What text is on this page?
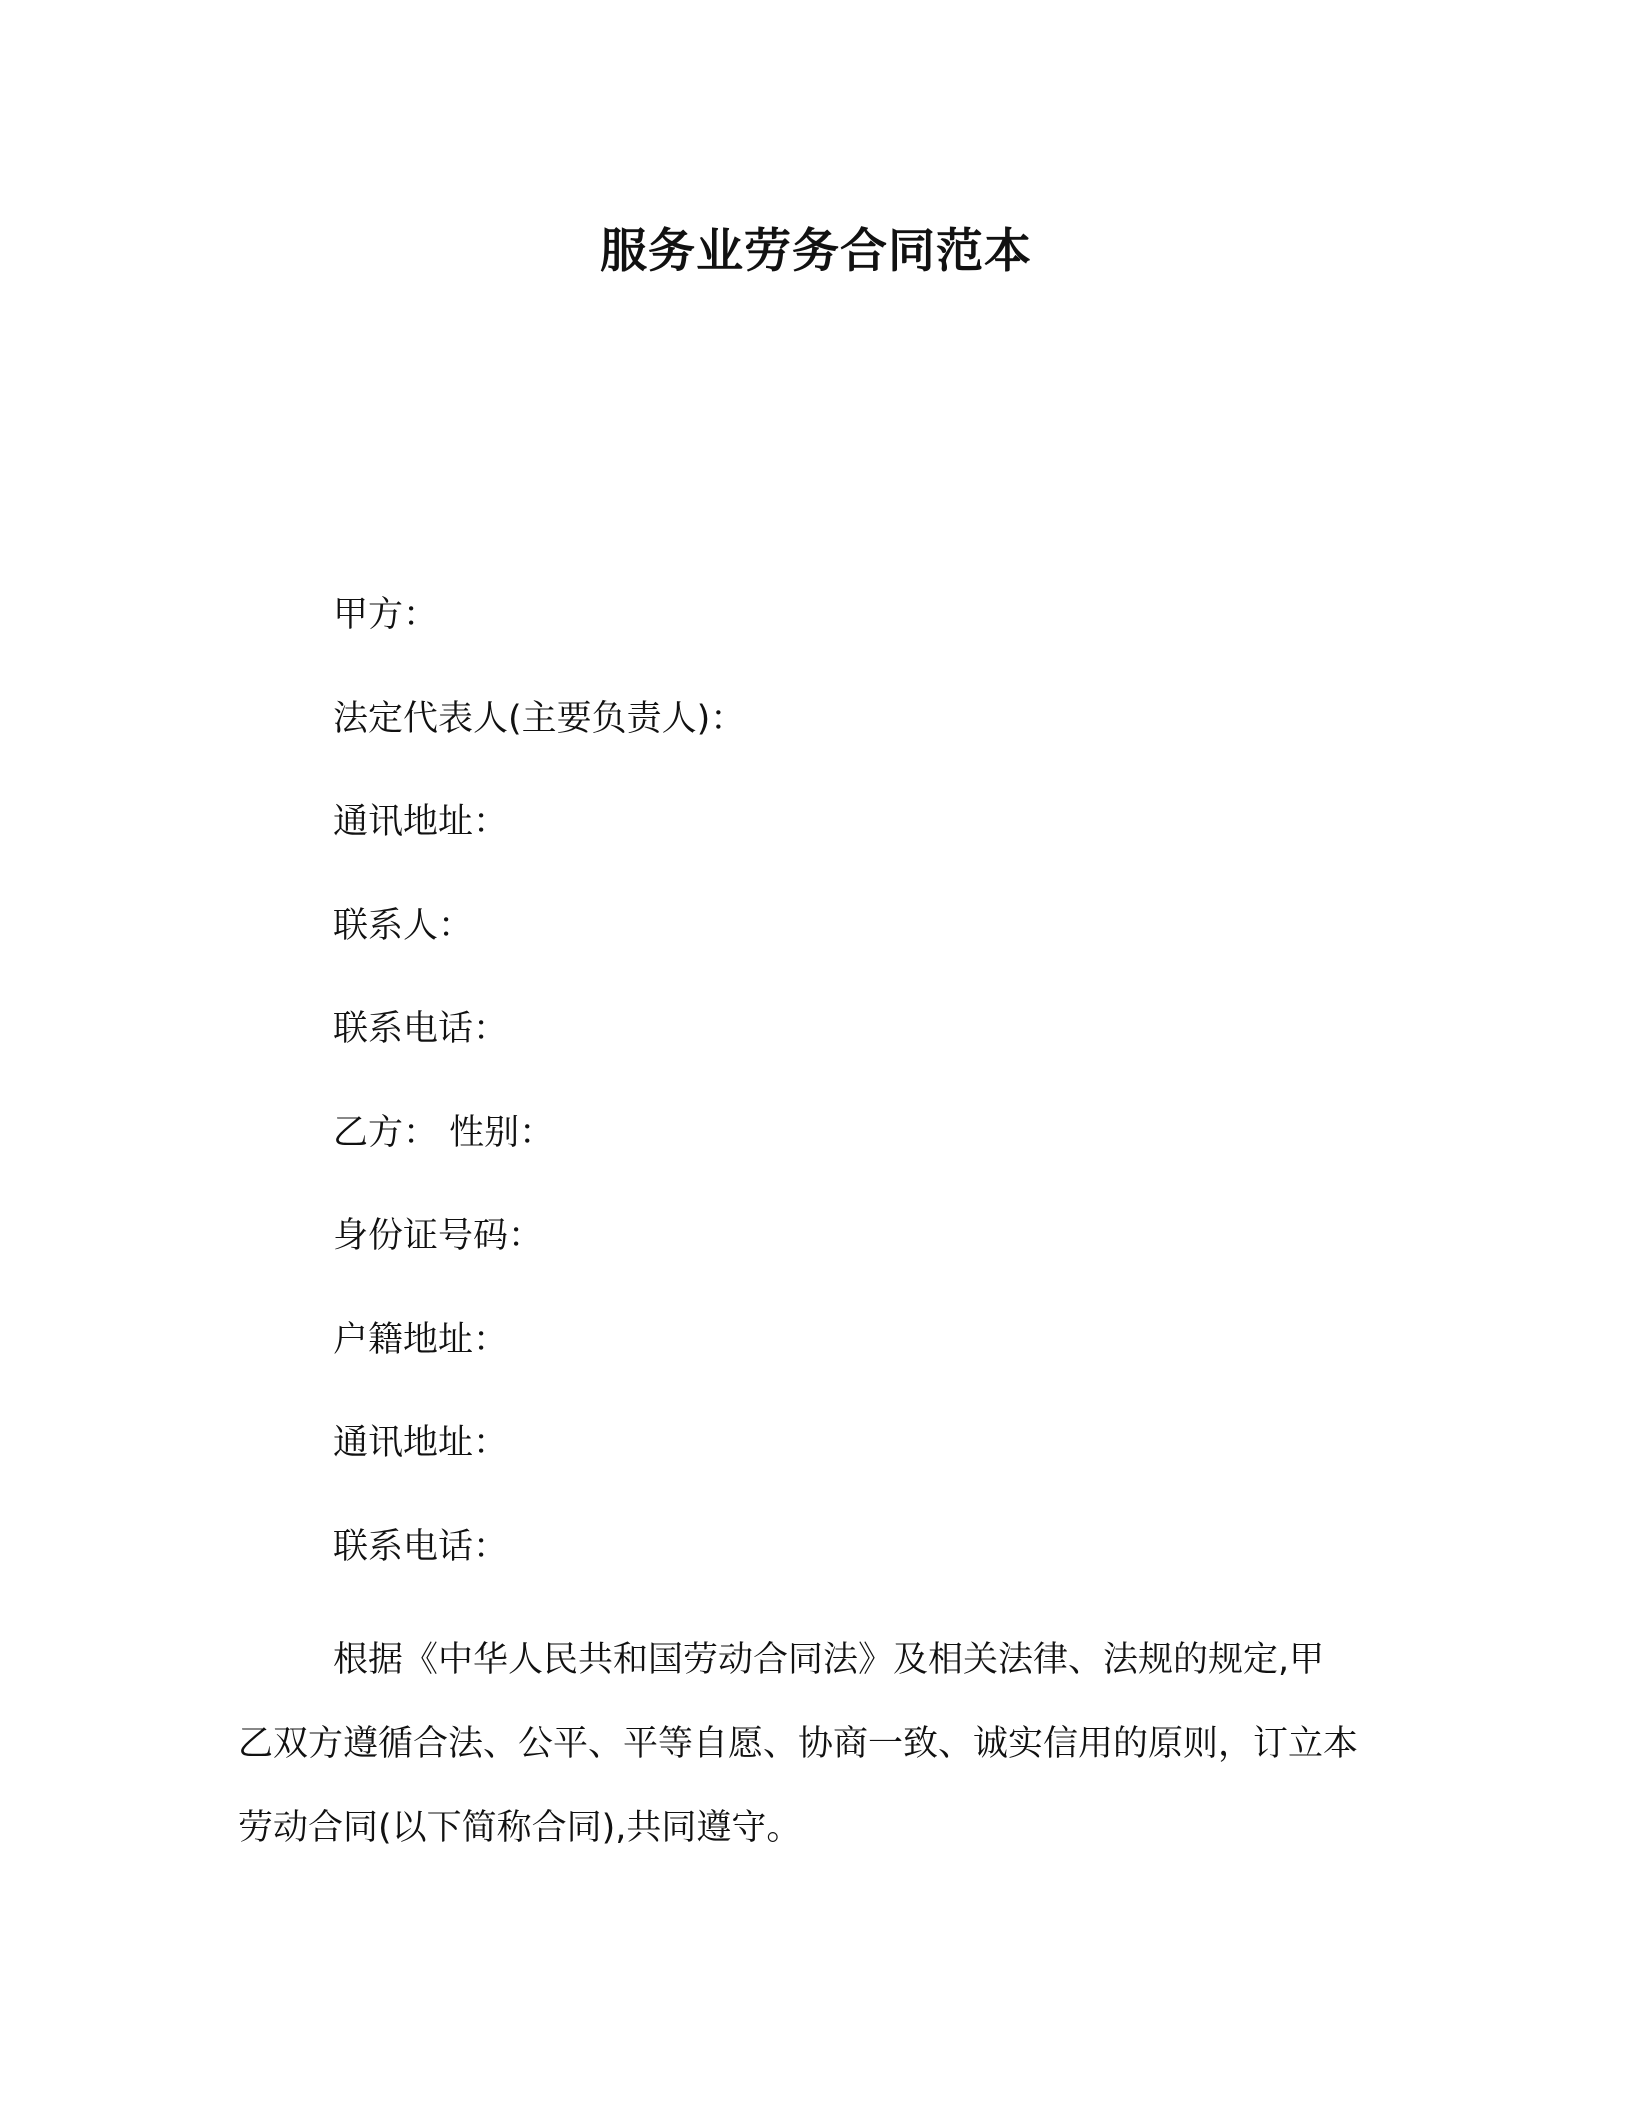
服务业劳务合同范本
甲方：
法定代表人(主要负责人)：
通讯地址：
联系人：
联系电话：
乙方： 性别：
身份证号码：
户籍地址：
通讯地址：
联系电话：

根据《中华人民共和国劳动合同法》及相关法律、法规的规定,甲乙双方遵循合法、公平、平等自愿、协商一致、诚实信用的原则，订立本劳动合同(以下简称合同),共同遵守。
